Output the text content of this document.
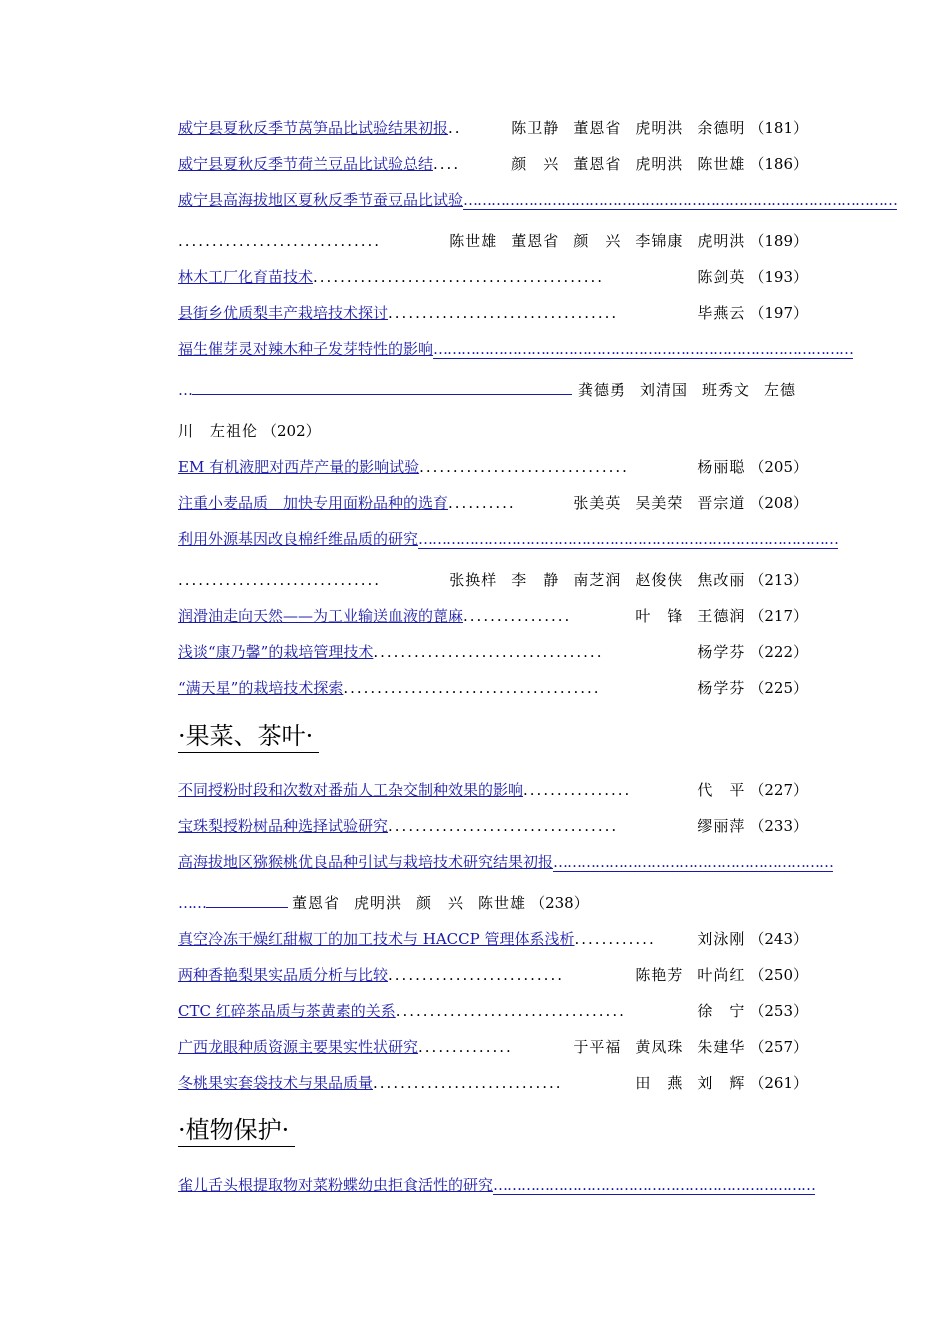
威宁县夏秋反季节莴笋品比试验结果初报 ..	陈卫静 董恩省 虎明洪 余德明 （181）
威宁县夏秋反季节荷兰豆品比试验总结 ....	颜　兴 董恩省 虎明洪 陈世雄 （186）
威宁县高海拔地区夏秋反季节蚕豆品比试验 …………………………………………………………………………………
..............................	陈世雄 董恩省 颜　兴 李锦康 虎明洪 （189）
林木工厂化育苗技术 ...........................................	陈剑英 （193）
县街乡优质梨丰产栽培技术探讨 ..................................	毕燕云 （197）
福生催芽灵对辣木种子发芽特性的影响 ………………………………………………………………………………
…	龚德勇 刘清国 班秀文 左德
川　左祖伦 （202）
EM 有机液肥对西芹产量的影响试验 ...............................	杨丽聪 （205）
注重小麦品质　加快专用面粉品种的选育 ..........	张美英 吴美荣 晋宗道 （208）
利用外源基因改良棉纤维品质的研究 ………………………………………………………………………………
..............................	张换样 李　静 南芝润 赵俊侠 焦改丽 （213）
润滑油走向天然——为工业输送血液的蓖麻 ................	叶　锋 王德润 （217）
浅谈“康乃馨”的栽培管理技术 ..................................	杨学芬 （222）
“满天星”的栽培技术探索 ......................................	杨学芬 （225）
·果菜、茶叶·
不同授粉时段和次数对番茄人工杂交制种效果的影响 ................	代　平 （227）
宝珠梨授粉树品种选择试验研究 ..................................	缪丽萍 （233）
高海拔地区猕猴桃优良品种引试与栽培技术研究结果初报 ……………………………………………………
……	董恩省 虎明洪 颜　兴 陈世雄 （238）
真空冷冻干燥红甜椒丁的加工技术与 HACCP 管理体系浅析 ............	刘泳刚 （243）
两种香艳梨果实品质分析与比较 ..........................	陈艳芳 叶尚红 （250）
CTC 红碎茶品质与茶黄素的关系 ..................................	徐　宁 （253）
广西龙眼种质资源主要果实性状研究 ..............	于平福 黄凤珠 朱建华 （257）
冬桃果实套袋技术与果品质量 ............................	田　燕 刘　辉 （261）
·植物保护·
雀儿舌头根提取物对菜粉蝶幼虫拒食活性的研究 ……………………………………………………………
